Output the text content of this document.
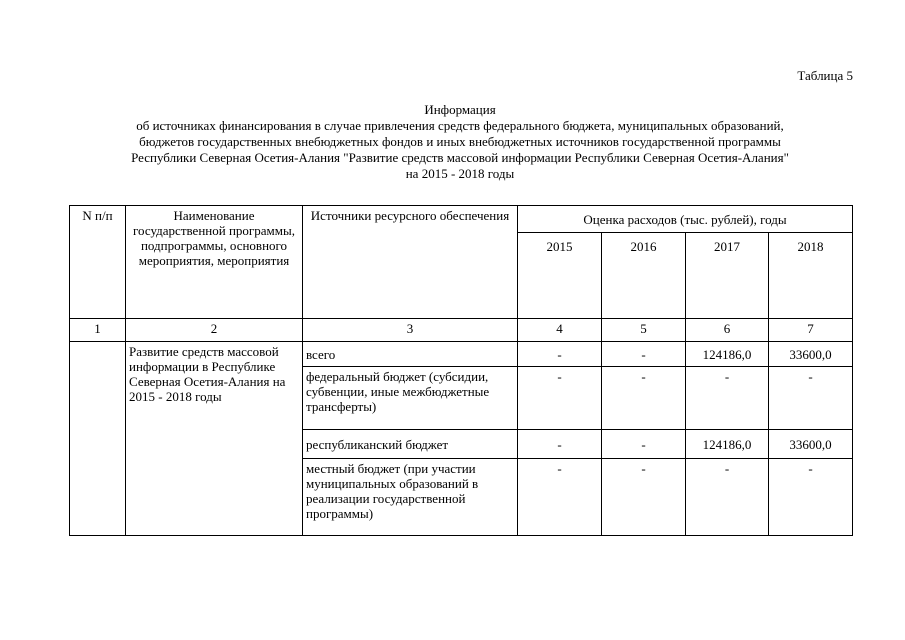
Таблица 5
Информация
об источниках финансирования в случае привлечения средств федерального бюджета, муниципальных образований,
бюджетов государственных внебюджетных фондов и иных внебюджетных источников государственной программы
Республики Северная Осетия-Алания "Развитие средств массовой информации Республики Северная Осетия-Алания"
на 2015 - 2018 годы
N п/п	Наименование государственной программы, подпрограммы, основного мероприятия, мероприятия	Источники ресурсного обеспечения	Оценка расходов (тыс. рублей), годы			
			2015	2016	2017	2018
1	2	3	4	5	6	7
	Развитие средств массовой информации в Республике Северная Осетия-Алания на 2015 - 2018 годы	всего	-	-	124186,0	33600,0
		федеральный бюджет (субсидии, субвенции, иные межбюджетные трансферты)	-	-	-	-
		республиканский бюджет	-	-	124186,0	33600,0
		местный бюджет (при участии муниципальных образований в реализации государственной программы)	-	-	-	-
